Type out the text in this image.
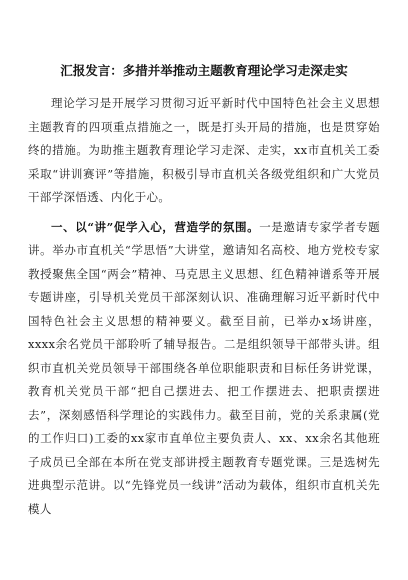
汇报发言：多措并举推动主题教育理论学习走深走实

理论学习是开展学习贯彻习近平新时代中国特色社会主义思想主题教育的四项重点措施之一，既是打头开局的措施，也是贯穿始终的措施。为助推主题教育理论学习走深、走实，xx市直机关工委采取“讲训赛评”等措施，积极引导市直机关各级党组织和广大党员干部学深悟透、内化于心。

一、以“讲”促学入心，营造学的氛围。一是邀请专家学者专题讲。举办市直机关“学思悟”大讲堂，邀请知名高校、地方党校专家教授聚焦全国“两会”精神、马克思主义思想、红色精神谱系等开展专题讲座，引导机关党员干部深刻认识、准确理解习近平新时代中国特色社会主义思想的精神要义。截至目前，已举办x场讲座，xxxx余名党员干部聆听了辅导报告。二是组织领导干部带头讲。组织市直机关党员领导干部围绕各单位职能职责和目标任务讲党课，教育机关党员干部“把自己摆进去、把工作摆进去、把职责摆进去”，深刻感悟科学理论的实践伟力。截至目前，党的关系隶属(党的工作归口)工委的xx家市直单位主要负责人、xx、xx余名其他班子成员已全部在本所在党支部讲授主题教育专题党课。三是选树先进典型示范讲。以“先锋党员一线讲”活动为载体，组织市直机关先模人
